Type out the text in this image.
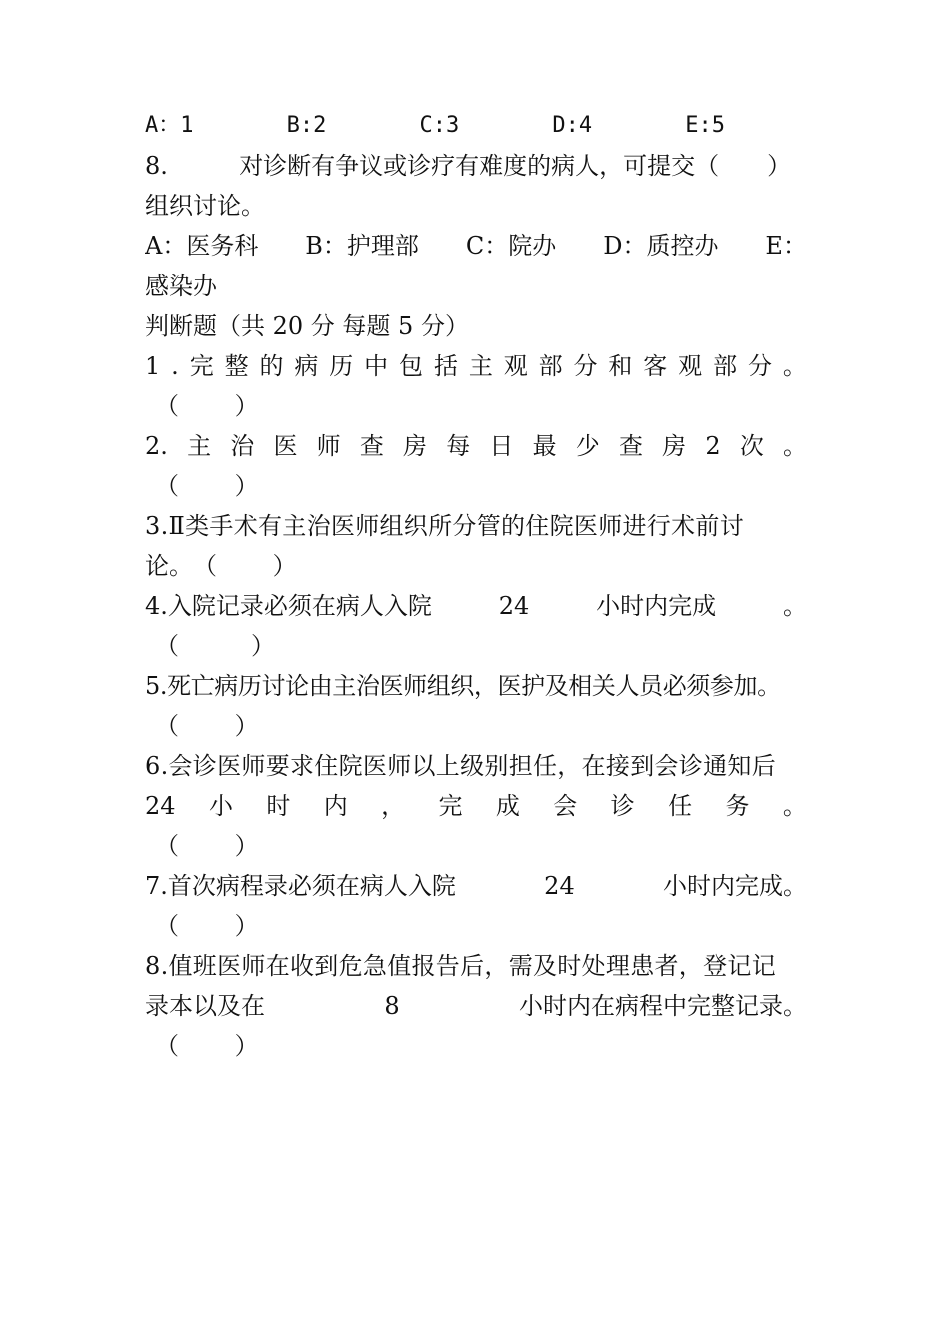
A：1	B:2	C:3	D:4	E:5
8.	对诊断有争议或诊疗有难度的病人，可提交（　　）
组织讨论。
A：医务科 B：护理部 C：院办 D：质控办 E：
感染办
判断题（共 20 分 每题 5 分）
1 . 完 整 的 病 历 中 包 括 主 观 部 分 和 客 观 部 分 。
（　　 ）
2. 主 治 医 师 查 房 每 日 最 少 查 房 2 次 。
（　　 ）
3.Ⅱ类手术有主治医师组织所分管的住院医师进行术前讨
论。　（　　 ）
4.入院记录必须在病人入院	24	小时内完成	。
（　　　）
5.死亡病历讨论由主治医师组织，医护及相关人员必须参加。
（　　 ）
6.会诊医师要求住院医师以上级别担任，在接到会诊通知后
24 小 时 内 ， 完 成 会 诊 任 务 。
（　　 ）
7.首次病程录必须在病人入院	24	小时内完成。
（　　 ）
8.值班医师在收到危急值报告后，需及时处理患者，登记记
录本以及在	8	小时内在病程中完整记录。
（　　 ）
